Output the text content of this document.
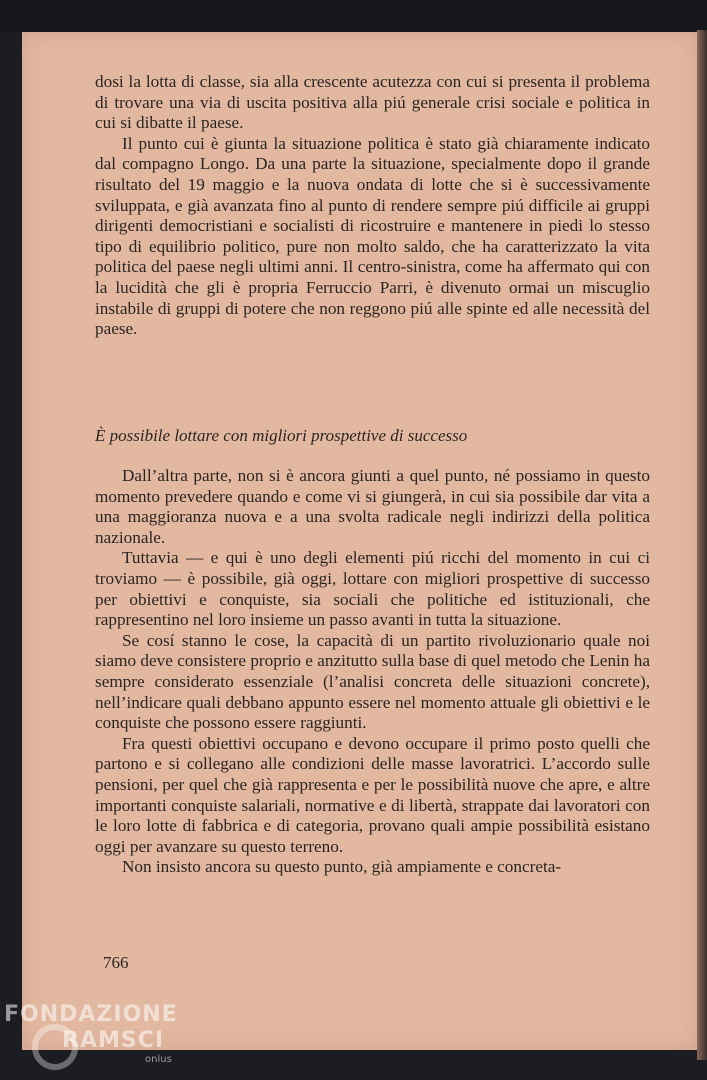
dosi la lotta di classe, sia alla crescente acutezza con cui si presenta il problema di trovare una via di uscita positiva alla piú generale crisi sociale e politica in cui si dibatte il paese.

Il punto cui è giunta la situazione politica è stato già chiaramente indicato dal compagno Longo. Da una parte la situazione, specialmente dopo il grande risultato del 19 maggio e la nuova ondata di lotte che si è successivamente sviluppata, e già avanzata fino al punto di rendere sempre piú difficile ai gruppi dirigenti democristiani e socialisti di ricostruire e mantenere in piedi lo stesso tipo di equilibrio politico, pure non molto saldo, che ha caratterizzato la vita politica del paese negli ultimi anni. Il centro-sinistra, come ha affermato qui con la lucidità che gli è propria Ferruccio Parri, è divenuto ormai un miscuglio instabile di gruppi di potere che non reggono piú alle spinte ed alle necessità del paese.

È possibile lottare con migliori prospettive di successo

Dall’altra parte, non si è ancora giunti a quel punto, né possiamo in questo momento prevedere quando e come vi si giungerà, in cui sia possibile dar vita a una maggioranza nuova e a una svolta radicale negli indirizzi della politica nazionale.

Tuttavia — e qui è uno degli elementi piú ricchi del momento in cui ci troviamo — è possibile, già oggi, lottare con migliori prospettive di successo per obiettivi e conquiste, sia sociali che politiche ed istituzionali, che rappresentino nel loro insieme un passo avanti in tutta la situazione.

Se cosí stanno le cose, la capacità di un partito rivoluzionario quale noi siamo deve consistere proprio e anzitutto sulla base di quel metodo che Lenin ha sempre considerato essenziale (l’analisi concreta delle situazioni concrete), nell’indicare quali debbano appunto essere nel momento attuale gli obiettivi e le conquiste che possono essere raggiunti.

Fra questi obiettivi occupano e devono occupare il primo posto quelli che partono e si collegano alle condizioni delle masse lavoratrici. L’accordo sulle pensioni, per quel che già rappresenta e per le possibilità nuove che apre, e altre importanti conquiste salariali, normative e di libertà, strappate dai lavoratori con le loro lotte di fabbrica e di categoria, provano quali ampie possibilità esistano oggi per avanzare su questo terreno.

Non insisto ancora su questo punto, già ampiamente e concreta-

766

FONDAZIONE
RAMSCI
onlus
